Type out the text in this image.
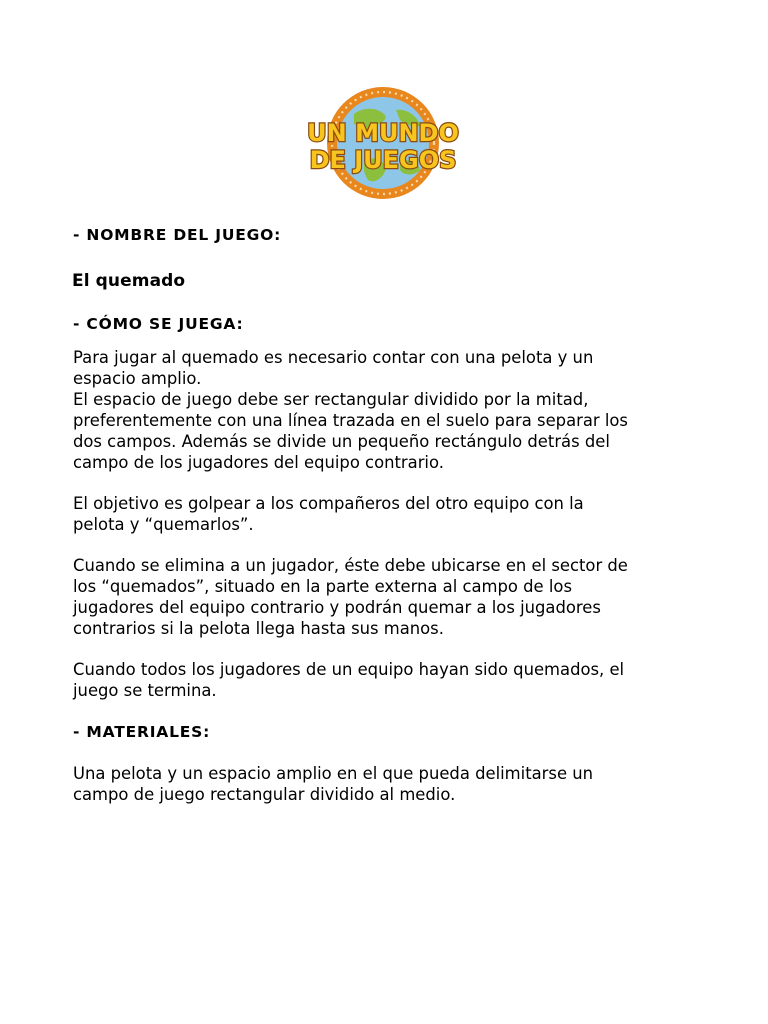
UN MUNDO
DE JUEGOS
- NOMBRE DEL JUEGO:
El quemado
- CÓMO SE JUEGA:
Para jugar al quemado es necesario contar con una pelota y un
espacio amplio.
El espacio de juego debe ser rectangular dividido por la mitad,
preferentemente con una línea trazada en el suelo para separar los
dos campos. Además se divide un pequeño rectángulo detrás del
campo de los jugadores del equipo contrario.
El objetivo es golpear a los compañeros del otro equipo con la
pelota y “quemarlos”.
Cuando se elimina a un jugador, éste debe ubicarse en el sector de
los “quemados”, situado en la parte externa al campo de los
jugadores del equipo contrario y podrán quemar a los jugadores
contrarios si la pelota llega hasta sus manos.
Cuando todos los jugadores de un equipo hayan sido quemados, el
juego se termina.
- MATERIALES:
Una pelota y un espacio amplio en el que pueda delimitarse un
campo de juego rectangular dividido al medio.
